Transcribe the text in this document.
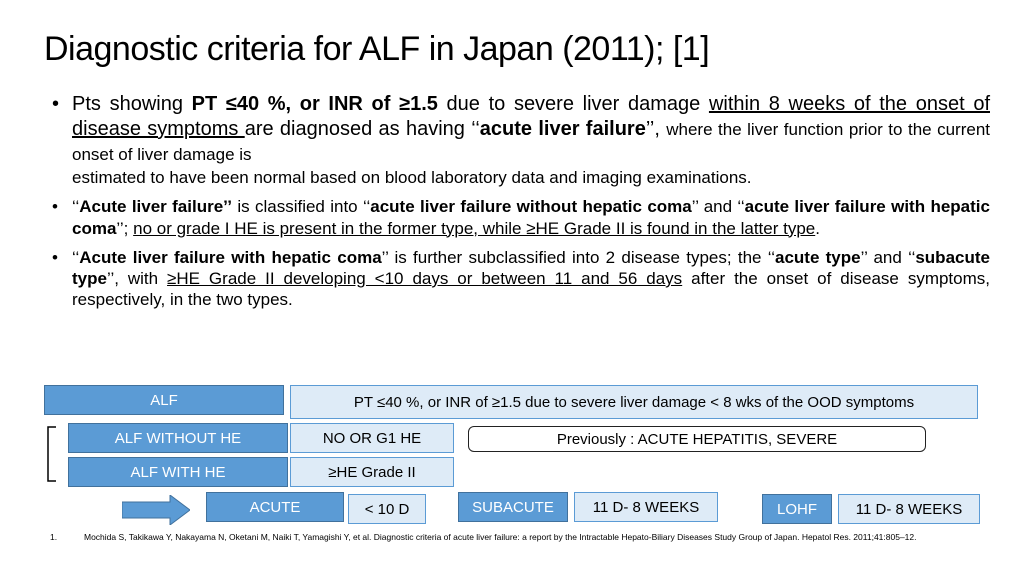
Diagnostic criteria for ALF in Japan (2011); [1]
• Pts showing PT ≤40 %, or INR of ≥1.5 due to severe liver damage within 8 weeks of the onset of disease symptoms are diagnosed as having ‘‘acute liver failure’’, where the liver function prior to the current onset of liver damage is
estimated to have been normal based on blood laboratory data and imaging examinations.
• ‘‘Acute liver failure’’ is classified into ‘‘acute liver failure without hepatic coma’’ and ‘‘acute liver failure with hepatic coma’’; no or grade I HE is present in the former type, while ≥HE Grade II is found in the latter type.
• ‘‘Acute liver failure with hepatic coma’’ is further subclassified into 2 disease types; the ‘‘acute type’’ and ‘‘subacute type’’, with ≥HE Grade II developing <10 days or between 11 and 56 days after the onset of disease symptoms, respectively, in the two types.
ALF	PT ≤40 %, or INR of ≥1.5 due to severe liver damage < 8 wks of the OOD symptoms
ALF WITHOUT HE	NO OR G1 HE	Previously : ACUTE HEPATITIS, SEVERE
ALF WITH HE	≥HE Grade II
ACUTE	< 10 D	SUBACUTE	11 D- 8 WEEKS	LOHF	11 D- 8 WEEKS
1.	Mochida S, Takikawa Y, Nakayama N, Oketani M, Naiki T, Yamagishi Y, et al. Diagnostic criteria of acute liver failure: a report by the Intractable Hepato-Biliary Diseases Study Group of Japan. Hepatol Res. 2011;41:805–12.
